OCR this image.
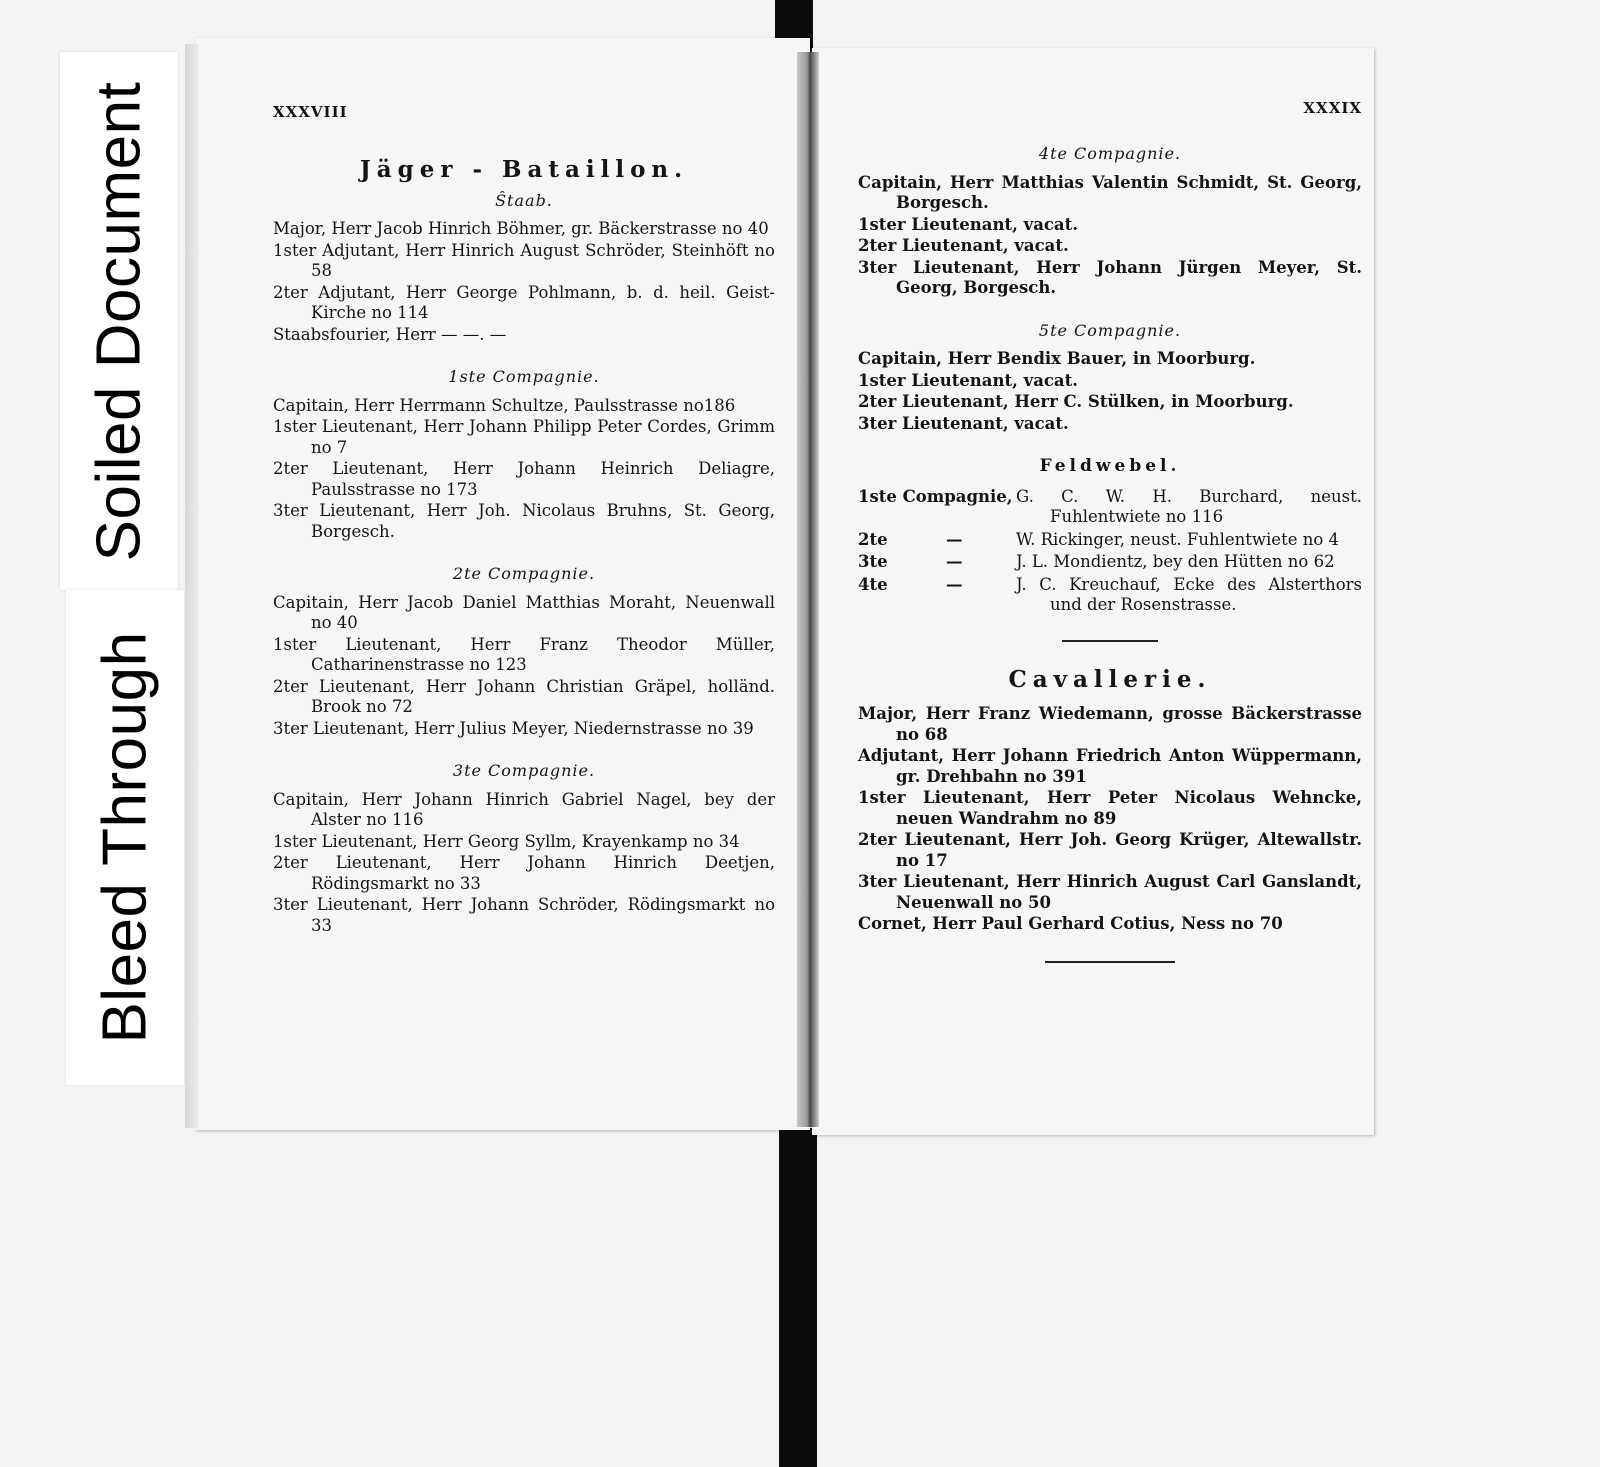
Soiled Document
Bleed Through
XXXVIII
Jäger - Bataillon.
Ŝtaab.
Major, Herr Jacob Hinrich Böhmer, gr. Bäckerstrasse no 40
1ster Adjutant, Herr Hinrich August Schröder, Steinhöft no 58
2ter Adjutant, Herr George Pohlmann, b. d. heil. Geist-Kirche no 114
Staabsfourier, Herr — —. —
1ste Compagnie.
Capitain, Herr Herrmann Schultze, Paulsstrasse no186
1ster Lieutenant, Herr Johann Philipp Peter Cordes, Grimm no 7
2ter Lieutenant, Herr Johann Heinrich Deliagre, Paulsstrasse no 173
3ter Lieutenant, Herr Joh. Nicolaus Bruhns, St. Georg, Borgesch.
2te Compagnie.
Capitain, Herr Jacob Daniel Matthias Moraht, Neuenwall no 40
1ster Lieutenant, Herr Franz Theodor Müller, Catharinenstrasse no 123
2ter Lieutenant, Herr Johann Christian Gräpel, holländ. Brook no 72
3ter Lieutenant, Herr Julius Meyer, Niedernstrasse no 39
3te Compagnie.
Capitain, Herr Johann Hinrich Gabriel Nagel, bey der Alster no 116
1ster Lieutenant, Herr Georg Syllm, Krayenkamp no 34
2ter Lieutenant, Herr Johann Hinrich Deetjen, Rödingsmarkt no 33
3ter Lieutenant, Herr Johann Schröder, Rödingsmarkt no 33
XXXIX
4te Compagnie.
Capitain, Herr Matthias Valentin Schmidt, St. Georg, Borgesch.
1ster Lieutenant, vacat.
2ter Lieutenant, vacat.
3ter Lieutenant, Herr Johann Jürgen Meyer, St. Georg, Borgesch.
5te Compagnie.
Capitain, Herr Bendix Bauer, in Moorburg.
1ster Lieutenant, vacat.
2ter Lieutenant, Herr C. Stülken, in Moorburg.
3ter Lieutenant, vacat.
Feldwebel.
1ste Compagnie, G. C. W. H. Burchard, neust. Fuhlentwiete no 116
2te	—	W. Rickinger, neust. Fuhlentwiete no 4
3te	—	J. L. Mondientz, bey den Hütten no 62
4te	—	J. C. Kreuchauf, Ecke des Alsterthors und der Rosenstrasse.
Cavallerie.
Major, Herr Franz Wiedemann, grosse Bäckerstrasse no 68
Adjutant, Herr Johann Friedrich Anton Wüppermann, gr. Drehbahn no 391
1ster Lieutenant, Herr Peter Nicolaus Wehncke, neuen Wandrahm no 89
2ter Lieutenant, Herr Joh. Georg Krüger, Altewallstr. no 17
3ter Lieutenant, Herr Hinrich August Carl Ganslandt, Neuenwall no 50
Cornet, Herr Paul Gerhard Cotius, Ness no 70
